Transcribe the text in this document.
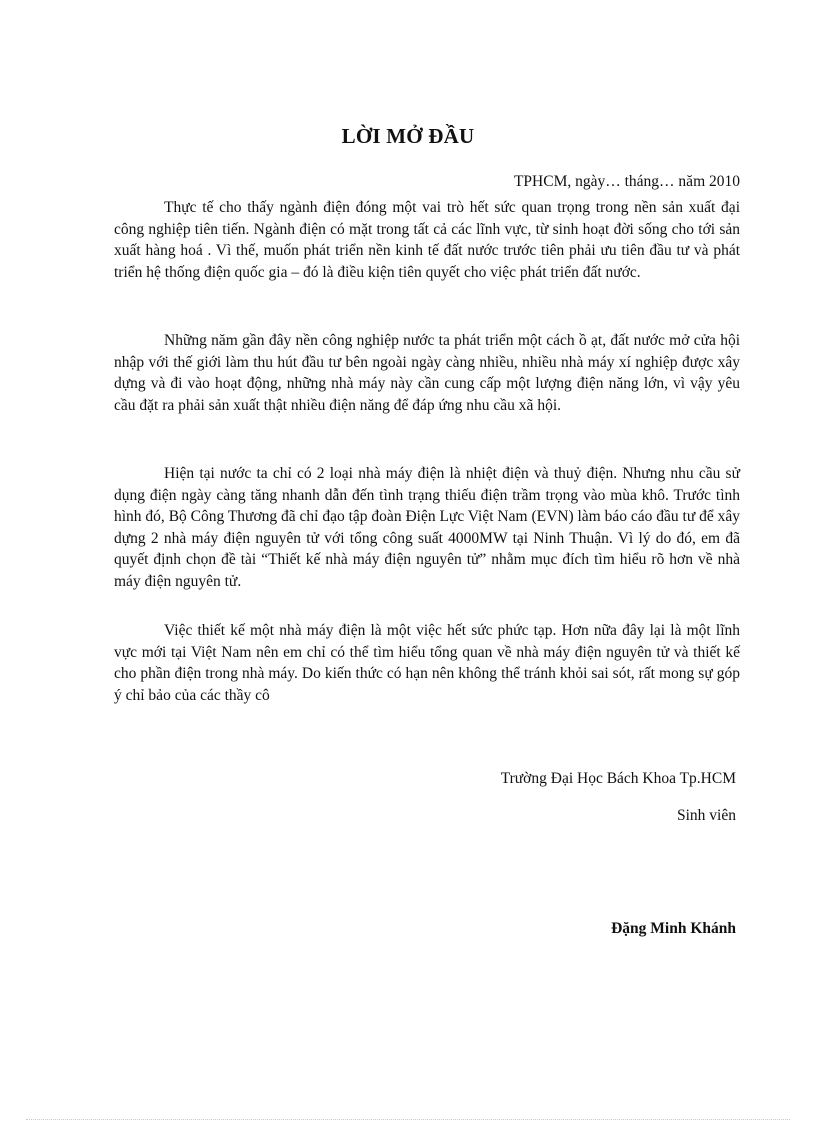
LỜI MỞ ĐẦU
TPHCM, ngày… tháng… năm 2010

Thực tế cho thấy ngành điện đóng một vai trò hết sức quan trọng trong nền sản xuất đại công nghiệp tiên tiến. Ngành điện có mặt trong tất cả các lĩnh vực, từ sinh hoạt đời sống cho tới sản xuất hàng hoá . Vì thế, muốn phát triển nền kinh tế đất nước trước tiên phải ưu tiên đầu tư và phát triển hệ thống điện quốc gia – đó là điều kiện tiên quyết cho việc phát triển đất nước.

Những năm gần đây nền công nghiệp nước ta phát triển một cách ồ ạt, đất nước mở cửa hội nhập với thế giới làm thu hút đầu tư bên ngoài ngày càng nhiều, nhiều nhà máy xí nghiệp được xây dựng và đi vào hoạt động, những nhà máy này cần cung cấp một lượng điện năng lớn, vì vậy yêu cầu đặt ra phải sản xuất thật nhiều điện năng để đáp ứng nhu cầu xã hội.

Hiện tại nước ta chỉ có 2 loại nhà máy điện là nhiệt điện và thuỷ điện. Nhưng nhu cầu sử dụng điện ngày càng tăng nhanh dẫn đến tình trạng thiếu điện trầm trọng vào mùa khô. Trước tình hình đó, Bộ Công Thương đã chỉ đạo tập đoàn Điện Lực Việt Nam (EVN) làm báo cáo đầu tư để xây dựng 2 nhà máy điện nguyên tử với tổng công suất 4000MW tại Ninh Thuận. Vì lý do đó, em đã quyết định chọn đề tài “Thiết kế nhà máy điện nguyên tử” nhằm mục đích tìm hiểu rõ hơn về nhà máy điện nguyên tử.

Việc thiết kế một nhà máy điện là một việc hết sức phức tạp. Hơn nữa đây lại là một lĩnh vực mới tại Việt Nam nên em chỉ có thể tìm hiểu tổng quan về nhà máy điện nguyên tử và thiết kế cho phần điện trong nhà máy. Do kiến thức có hạn nên không thể tránh khỏi sai sót, rất mong sự góp ý chỉ bảo của các thầy cô

Trường Đại Học Bách Khoa Tp.HCM
Sinh viên
Đặng Minh Khánh
